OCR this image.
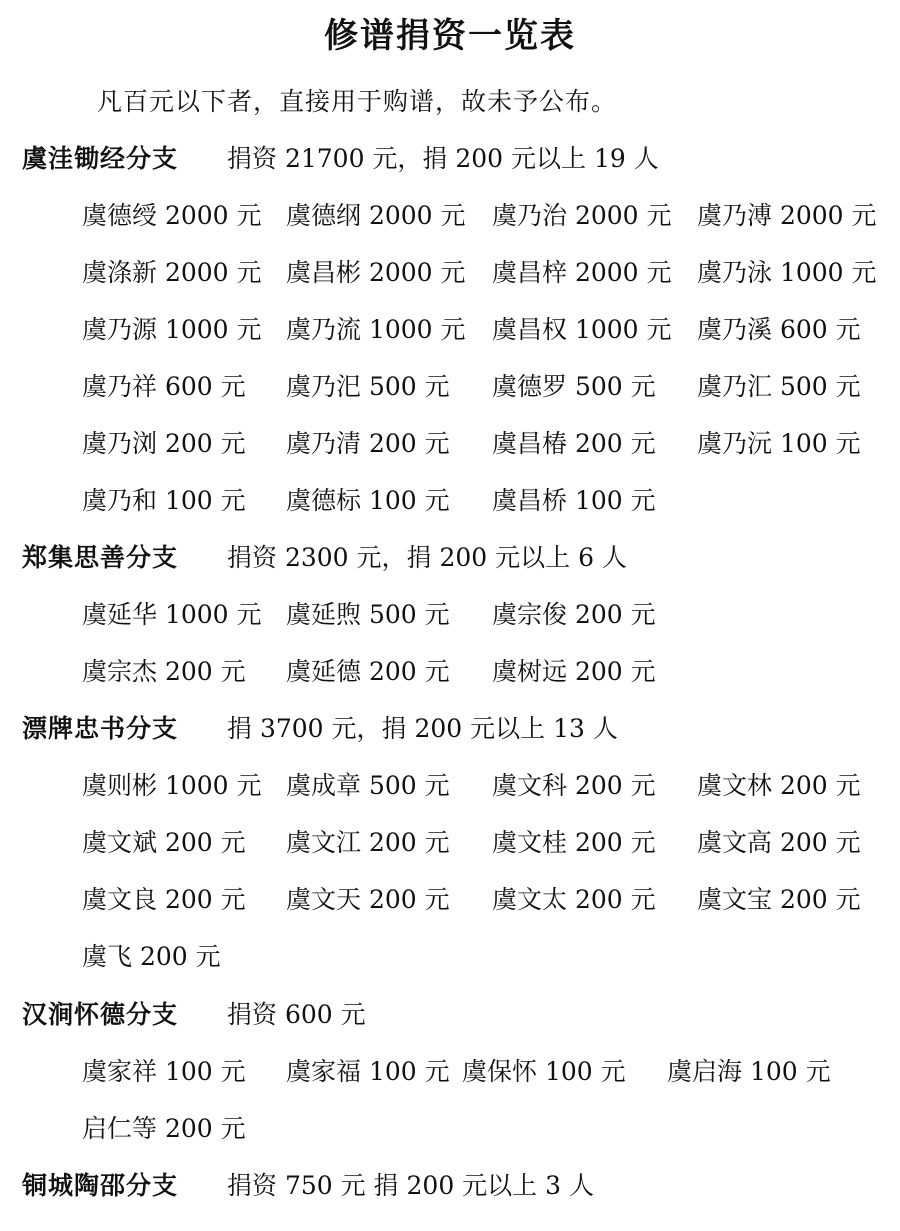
修谱捐资一览表
凡百元以下者，直接用于购谱，故未予公布。
虞洼锄经分支 捐资 21700 元，捐 200 元以上 19 人
虞德绶 2000 元 虞德纲 2000 元 虞乃治 2000 元 虞乃溥 2000 元
虞涤新 2000 元 虞昌彬 2000 元 虞昌梓 2000 元 虞乃泳 1000 元
虞乃源 1000 元 虞乃流 1000 元 虞昌权 1000 元 虞乃溪 600 元
虞乃祥 600 元 虞乃汜 500 元 虞德罗 500 元 虞乃汇 500 元
虞乃浏 200 元 虞乃清 200 元 虞昌椿 200 元 虞乃沅 100 元
虞乃和 100 元 虞德标 100 元 虞昌桥 100 元
郑集思善分支 捐资 2300 元，捐 200 元以上 6 人
虞延华 1000 元 虞延煦 500 元 虞宗俊 200 元
虞宗杰 200 元 虞延德 200 元 虞树远 200 元
漂牌忠书分支 捐 3700 元，捐 200 元以上 13 人
虞则彬 1000 元 虞成章 500 元 虞文科 200 元 虞文林 200 元
虞文斌 200 元 虞文江 200 元 虞文桂 200 元 虞文高 200 元
虞文良 200 元 虞文天 200 元 虞文太 200 元 虞文宝 200 元
虞飞 200 元
汉涧怀德分支 捐资 600 元
虞家祥 100 元 虞家福 100 元 虞保怀 100 元 虞启海 100 元
启仁等 200 元
铜城陶邵分支 捐资 750 元 捐 200 元以上 3 人
